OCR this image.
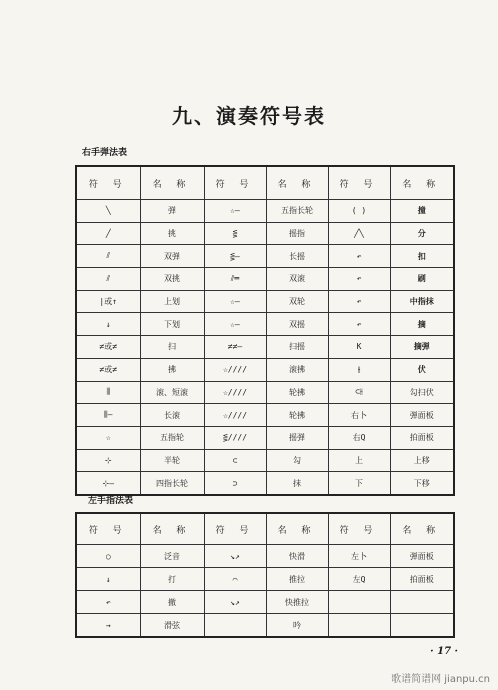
九、演奏符号表
右手弹法表
符 号	名 称	符 号	名 称	符 号	名 称
╲	弹	☆—	五指长轮	( )	撞
╱	挑	⋚	摇指	╱╲	分
⫽	双弹	⋚—	长摇	↶	扣
⫽	双挑	⫽═	双滚	↶	刷
|或↑	上划	☆—	双轮	↶	中指抹
↓	下划	☆—	双摇	↶	摘
≠或≠	扫	≠≠—	扫摇	K	摘弹
≠或≠	拂	☆////	滚拂	⫲	伏
⫼	滚、短滚	☆////	轮拂	⊂⫲	勾扫伏
⫼—	长滚	☆////	轮拂	右卜	弹面板
☆	五指轮	⋚////	摇弹	右Q	拍面板
⊹	半轮	⊂	勾	上	上移
⊹—	四指长轮	⊃	抹	下	下移
左手指法表
符 号	名 称	符 号	名 称	符 号	名 称
○	泛音	↘↗	快滑	左卜	弹面板
↓	打	⌒	推拉	左Q	拍面板
↶	撤	↘↗	快推拉		
→	滑弦		吟		
· 17 ·
歌谱简谱网 jianpu.cn
